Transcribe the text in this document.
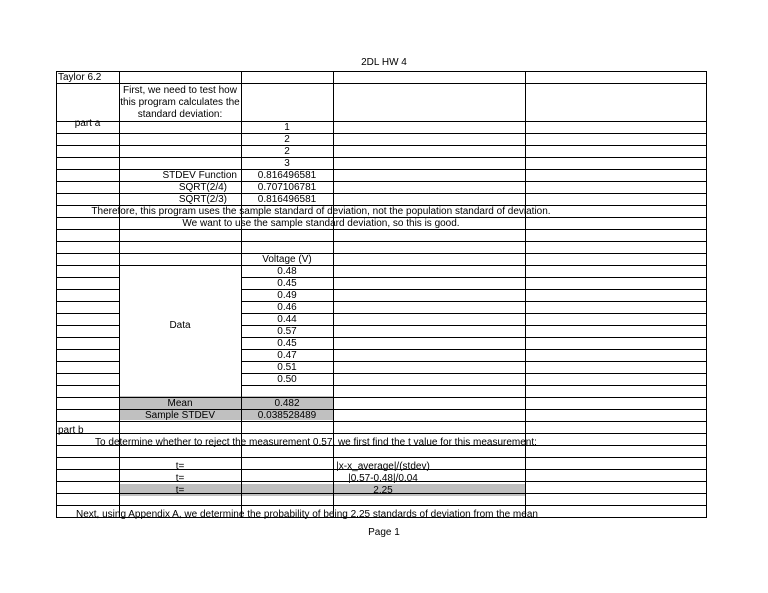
2DL HW 4
Taylor 6.2
First, we need to test how
this program calculates the
standard deviation:
part a	1
2
2
3
STDEV Function	0.816496581
SQRT(2/4)	0.707106781
SQRT(2/3)	0.816496581
Therefore, this program uses the sample standard of deviation, not the population standard of deviation.
We want to use the sample standard deviation, so this is good.
Voltage (V)
Data
0.48
0.45
0.49
0.46
0.44
0.57
0.45
0.47
0.51
0.50
Mean	0.482
Sample STDEV	0.038528489
part b
To determine whether to reject the measurement 0.57, we first find the t value for this measurement:
t=	|x-x_average|/(stdev)
t=	|0.57-0.48|/0.04
t=	2.25
Next, using Appendix A, we determine the probability of being 2.25 standards of deviation from the mean
Page 1
